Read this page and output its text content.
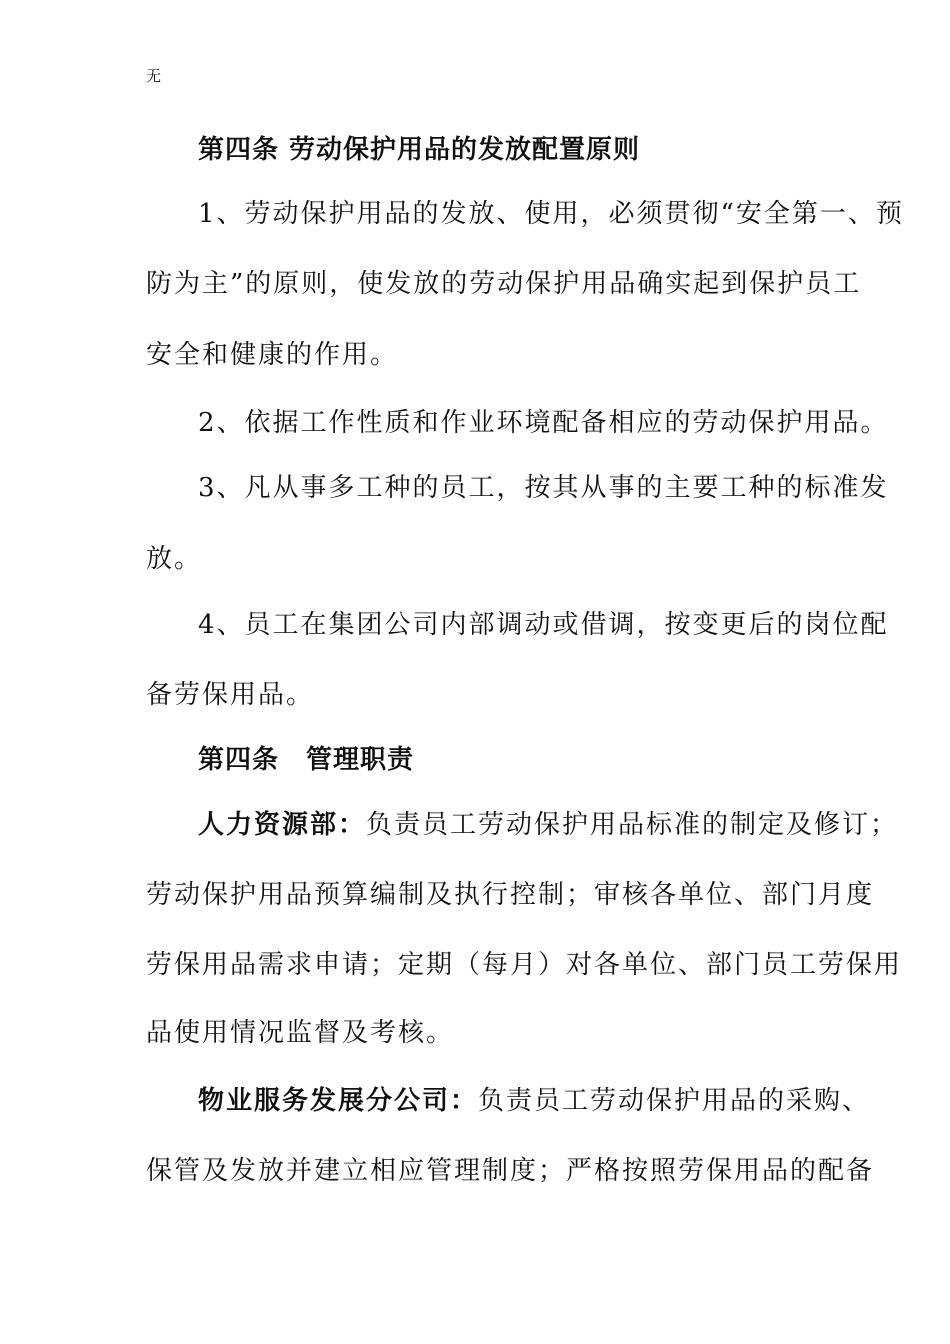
无
第四条 劳动保护用品的发放配置原则
1、劳动保护用品的发放、使用，必须贯彻“安全第一、预
防为主”的原则，使发放的劳动保护用品确实起到保护员工
安全和健康的作用。
2、依据工作性质和作业环境配备相应的劳动保护用品。
3、凡从事多工种的员工，按其从事的主要工种的标准发
放。
4、员工在集团公司内部调动或借调，按变更后的岗位配
备劳保用品。
第四条　管理职责
人力资源部：负责员工劳动保护用品标准的制定及修订；
劳动保护用品预算编制及执行控制；审核各单位、部门月度
劳保用品需求申请；定期（每月）对各单位、部门员工劳保用
品使用情况监督及考核。
物业服务发展分公司：负责员工劳动保护用品的采购、
保管及发放并建立相应管理制度；严格按照劳保用品的配备
